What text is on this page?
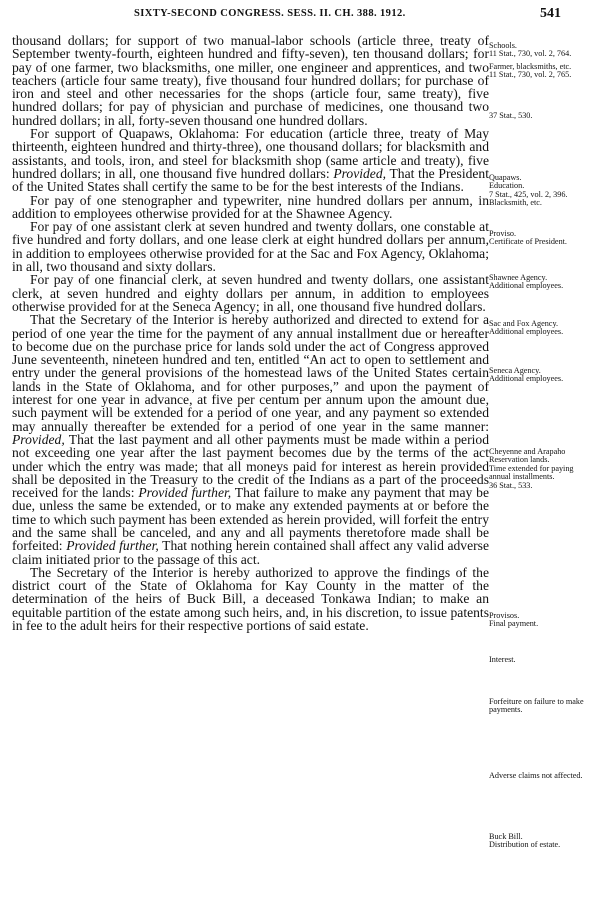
SIXTY-SECOND CONGRESS. SESS. II. CH. 388. 1912.	541

thousand dollars; for support of two manual-labor schools (article three, treaty of September twenty-fourth, eighteen hundred and fifty-seven), ten thousand dollars; for pay of one farmer, two blacksmiths, one miller, one engineer and apprentices, and two teachers (article four same treaty), five thousand four hundred dollars; for purchase of iron and steel and other necessaries for the shops (article four, same treaty), five hundred dollars; for pay of physician and purchase of medicines, one thousand two hundred dollars; in all, forty-seven thousand one hundred dollars.

For support of Quapaws, Oklahoma: For education (article three, treaty of May thirteenth, eighteen hundred and thirty-three), one thousand dollars; for blacksmith and assistants, and tools, iron, and steel for blacksmith shop (same article and treaty), five hundred dollars; in all, one thousand five hundred dollars: Provided, That the President of the United States shall certify the same to be for the best interests of the Indians.

For pay of one stenographer and typewriter, nine hundred dollars per annum, in addition to employees otherwise provided for at the Shawnee Agency.

For pay of one assistant clerk at seven hundred and twenty dollars, one constable at five hundred and forty dollars, and one lease clerk at eight hundred dollars per annum, in addition to employees otherwise provided for at the Sac and Fox Agency, Oklahoma; in all, two thousand and sixty dollars.

For pay of one financial clerk, at seven hundred and twenty dollars, one assistant clerk, at seven hundred and eighty dollars per annum, in addition to employees otherwise provided for at the Seneca Agency; in all, one thousand five hundred dollars.

That the Secretary of the Interior is hereby authorized and directed to extend for a period of one year the time for the payment of any annual installment due or hereafter to become due on the purchase price for lands sold under the act of Congress approved June seventeenth, nineteen hundred and ten, entitled “An act to open to settlement and entry under the general provisions of the homestead laws of the United States certain lands in the State of Oklahoma, and for other purposes,” and upon the payment of interest for one year in advance, at five per centum per annum upon the amount due, such payment will be extended for a period of one year, and any payment so extended may annually thereafter be extended for a period of one year in the same manner: Provided, That the last payment and all other payments must be made within a period not exceeding one year after the last payment becomes due by the terms of the act under which the entry was made; that all moneys paid for interest as herein provided shall be deposited in the Treasury to the credit of the Indians as a part of the proceeds received for the lands: Provided further, That failure to make any payment that may be due, unless the same be extended, or to make any extended payments at or before the time to which such payment has been extended as herein provided, will forfeit the entry and the same shall be canceled, and any and all payments theretofore made shall be forfeited: Provided further, That nothing herein contained shall affect any valid adverse claim initiated prior to the passage of this act.

The Secretary of the Interior is hereby authorized to approve the findings of the district court of the State of Oklahoma for Kay County in the matter of the determination of the heirs of Buck Bill, a deceased Tonkawa Indian; to make an equitable partition of the estate among such heirs, and, in his discretion, to issue patents in fee to the adult heirs for their respective portions of said estate.

Schools.
11 Stat., 730, vol. 2, 764.
Farmer, blacksmiths, etc.
11 Stat., 730, vol. 2, 765.
37 Stat., 530.
Quapaws.
Education.
7 Stat., 425, vol. 2, 396.
Blacksmith, etc.
Proviso.
Certificate of President.
Shawnee Agency.
Additional employees.
Sac and Fox Agency.
Additional employees.
Seneca Agency.
Additional employees.
Cheyenne and Arapaho Reservation lands.
Time extended for paying annual installments.
36 Stat., 533.
Provisos.
Final payment.
Interest.
Forfeiture on failure to make payments.
Adverse claims not affected.
Buck Bill.
Distribution of estate.
